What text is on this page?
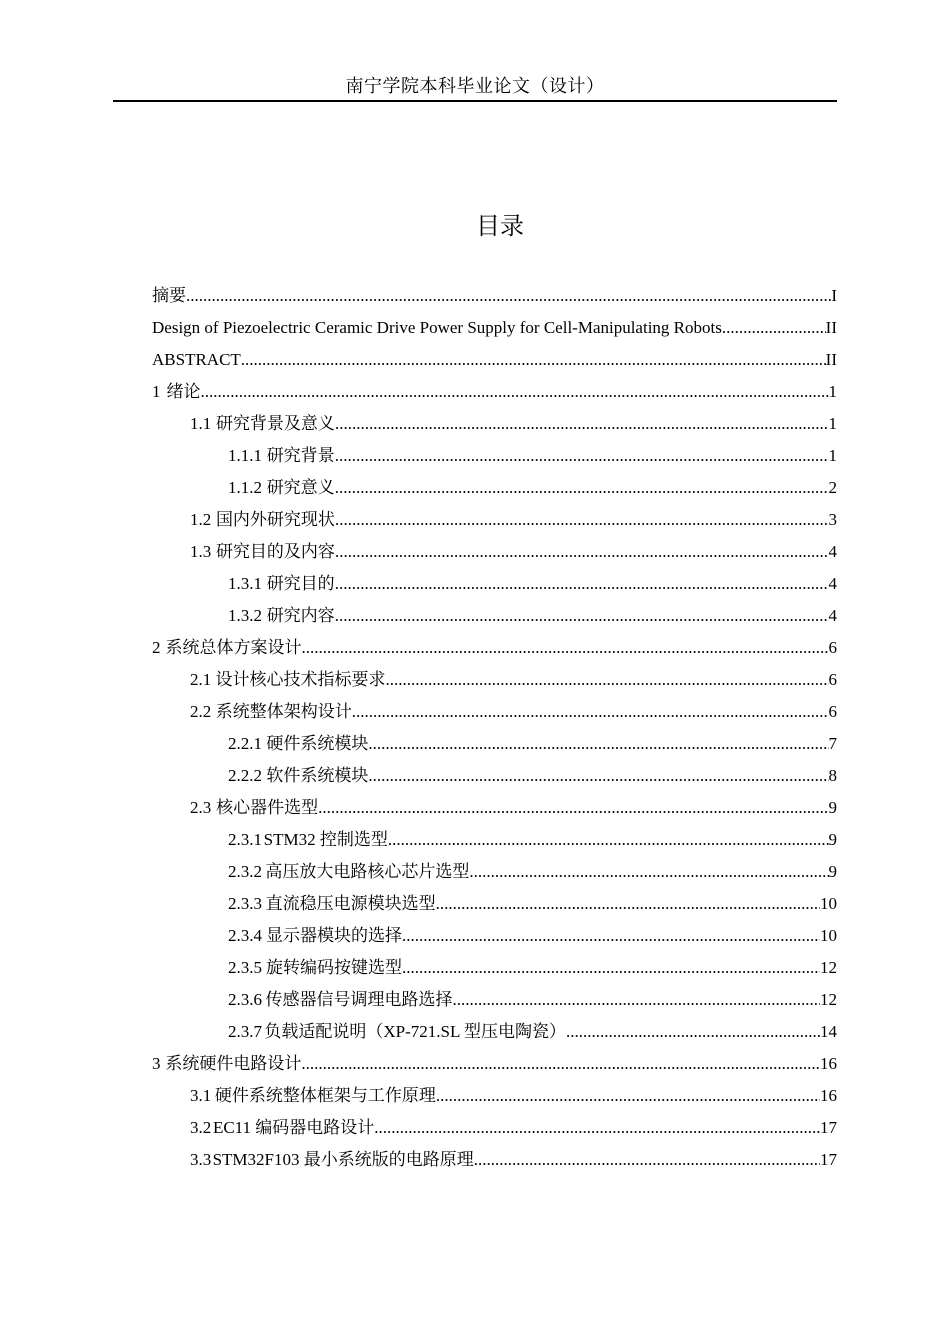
南宁学院本科毕业论文（设计）
目录
摘要 .....	I
Design of Piezoelectric Ceramic Drive Power Supply for Cell-Manipulating Robots .....	II
ABSTRACT .....	II
1 绪论 .....	1
1.1 研究背景及意义 .....	1
1.1.1 研究背景 .....	1
1.1.2 研究意义 .....	2
1.2 国内外研究现状 .....	3
1.3 研究目的及内容 .....	4
1.3.1 研究目的 .....	4
1.3.2 研究内容 .....	4
2 系统总体方案设计 .....	6
2.1 设计核心技术指标要求 .....	6
2.2 系统整体架构设计 .....	6
2.2.1 硬件系统模块 .....	7
2.2.2 软件系统模块 .....	8
2.3 核心器件选型 .....	9
2.3.1 STM32 控制选型 .....	9
2.3.2 高压放大电路核心芯片选型 .....	9
2.3.3 直流稳压电源模块选型 .....	10
2.3.4 显示器模块的选择 .....	10
2.3.5 旋转编码按键选型 .....	12
2.3.6 传感器信号调理电路选择 .....	12
2.3.7 负载适配说明（XP-721.SL 型压电陶瓷） .....	14
3 系统硬件电路设计 .....	16
3.1 硬件系统整体框架与工作原理 .....	16
3.2 EC11 编码器电路设计 .....	17
3.3 STM32F103 最小系统版的电路原理 .....	17
